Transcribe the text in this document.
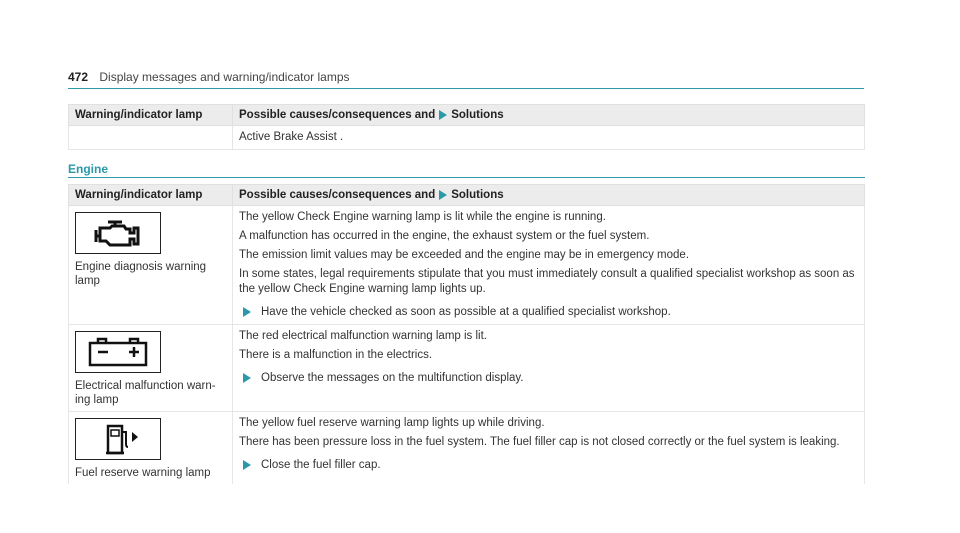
472 Display messages and warning/indicator lamps
Warning/indicator lamp	Possible causes/consequences and Solutions
	Active Brake Assist .
Engine
Warning/indicator lamp	Possible causes/consequences and Solutions

Engine diagnosis warning lamp	The yellow Check Engine warning lamp is lit while the engine is running.

A malfunction has occurred in the engine, the exhaust system or the fuel system.

The emission limit values may be exceeded and the engine may be in emergency mode.

In some states, legal requirements stipulate that you must immediately consult a qualified specialist workshop as soon as the yellow Check Engine warning lamp lights up.

Have the vehicle checked as soon as possible at a qualified specialist workshop.

Electrical malfunction warn-ing lamp	The red electrical malfunction warning lamp is lit.

There is a malfunction in the electrics.

Observe the messages on the multifunction display.

Fuel reserve warning lamp	The yellow fuel reserve warning lamp lights up while driving.

There has been pressure loss in the fuel system. The fuel filler cap is not closed correctly or the fuel system is leaking.

Close the fuel filler cap.
